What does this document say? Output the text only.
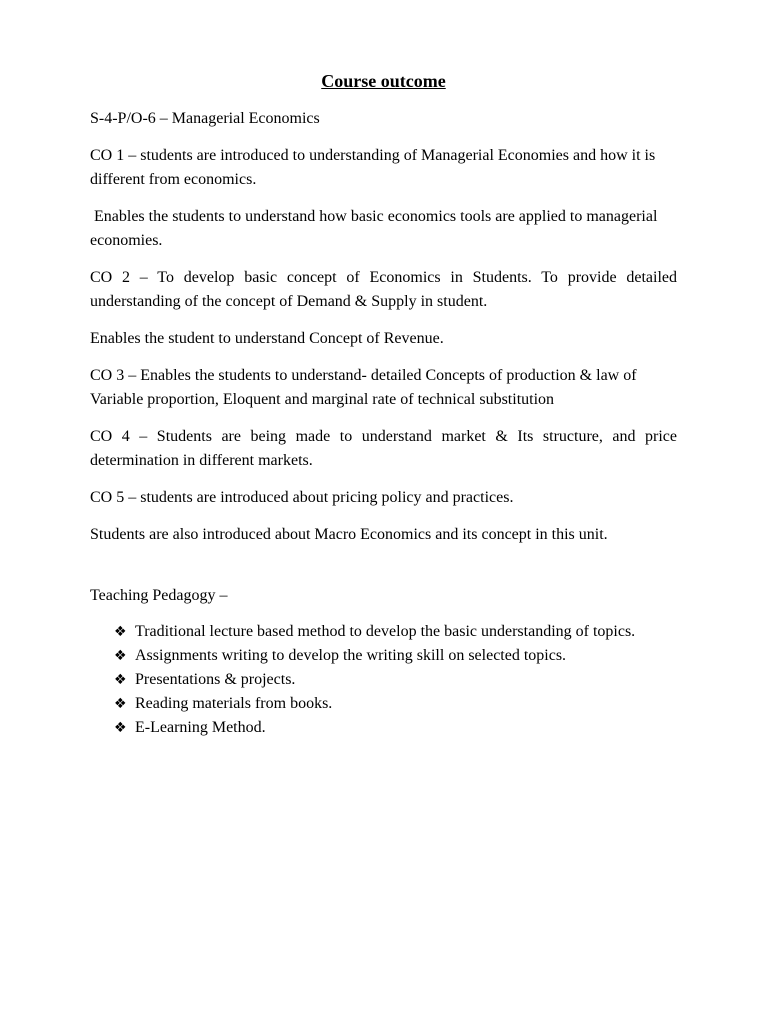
Course outcome
S-4-P/O-6 – Managerial Economics
CO 1 – students are introduced to understanding of Managerial Economies and how it is different from economics.
Enables the students to understand how basic economics tools are applied to managerial economies.
CO 2 – To develop basic concept of Economics in Students. To provide detailed understanding of the concept of Demand & Supply in student.
Enables the student to understand Concept of Revenue.
CO 3 – Enables the students to understand- detailed Concepts of production & law of Variable proportion, Eloquent and marginal rate of technical substitution
CO 4 – Students are being made to understand market & Its structure, and price determination in different markets.
CO 5 – students are introduced about pricing policy and practices.
Students are also introduced about Macro Economics and its concept in this unit.
Teaching Pedagogy –
❖ Traditional lecture based method to develop the basic understanding of topics.
❖ Assignments writing to develop the writing skill on selected topics.
❖ Presentations & projects.
❖ Reading materials from books.
❖ E-Learning Method.
